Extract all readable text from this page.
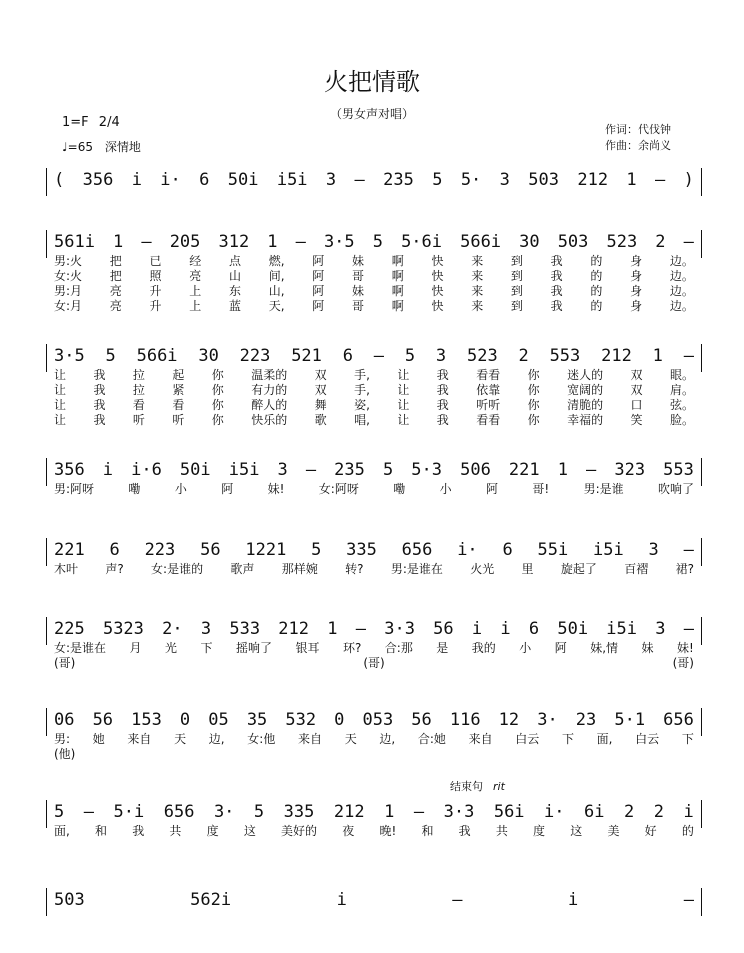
火把情歌
（男女声对唱）
1=F 2/4
♩=65 深情地
作词：代伐钟
作曲：余尚义
( 356 i i· 6 50i i5i 3 – 235 5 5· 3 503 212 1 – )
561i 1 – 205 312 1 – 3·5 5 5·6i 566i 30 503 523 2 –
男:火 把 已 经 点 燃, 阿 妹 啊 快 来 到 我 的 身 边。
女:火 把 照 亮 山 间, 阿 哥 啊 快 来 到 我 的 身 边。
男:月 亮 升 上 东 山, 阿 妹 啊 快 来 到 我 的 身 边。
女:月 亮 升 上 蓝 天, 阿 哥 啊 快 来 到 我 的 身 边。
3·5 5 566i 30 223 521 6 – 5 3 523 2 553 212 1 –
让 我 拉 起 你 温柔的 双 手, 让 我 看看 你 迷人的 双 眼。
让 我 拉 紧 你 有力的 双 手, 让 我 依靠 你 宽阔的 双 肩。
让 我 看 看 你 醉人的 舞 姿, 让 我 听听 你 清脆的 口 弦。
让 我 听 听 你 快乐的 歌 唱, 让 我 看看 你 幸福的 笑 脸。
356 i i·6 50i i5i 3 – 235 5 5·3 506 221 1 – 323 553
男:阿呀	嘞	小	阿	妹!	女:阿呀	嘞	小	阿	哥!	男:是谁	吹响了
221 6 223 56 1221 5 335 656 i· 6 55i i5i 3 –
木叶 声? 女:是谁的 歌声 那样婉 转? 男:是谁在 火光 里 旋起了 百褶 裙?
225 5323 2· 3 533 212 1 – 3·3 56 i i 6 50i i5i 3 –
女:是谁在 月 光 下 摇响了 银耳 环? 合:那 是 我的 小 阿 妹,情 妹 妹!
(哥)	(哥)	(哥)
06 56 153 0 05 35 532 0 053 56 116 12 3· 23 5·1 656
男: 她 来自 天 边, 女:他 来自 天 边, 合:她 来自 白云 下 面, 白云 下
(他)
5 – 5·i 656 3· 5 335 212 1 – 3·3 56i i· 6i 2 2 i
面, 和 我 共 度 这 美好的 夜 晚! 和 我 共 度 这 美 好 的
结束句 rit
503	562i	i	–	i	–
